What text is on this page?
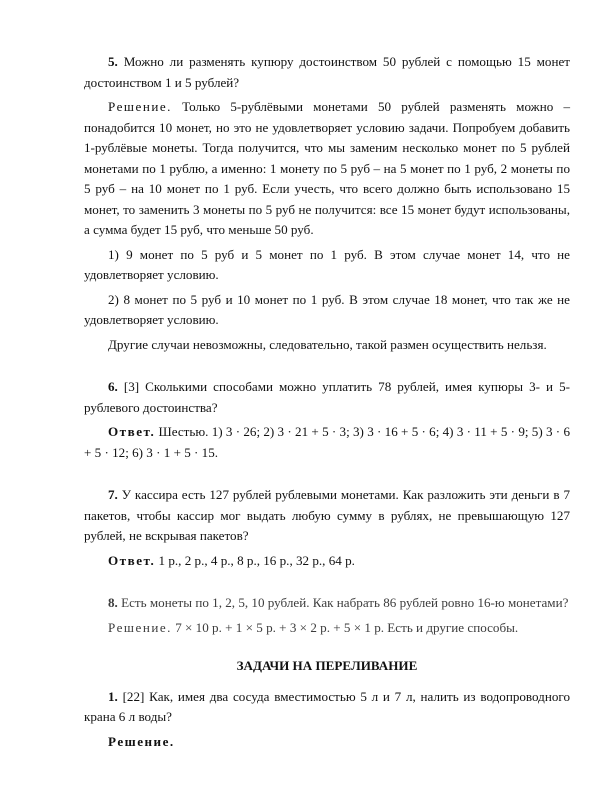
5. Можно ли разменять купюру достоинством 50 рублей с помощью 15 монет достоинством 1 и 5 рублей?

Решение. Только 5-рублёвыми монетами 50 рублей разменять можно – понадобится 10 монет, но это не удовлетворяет условию задачи. Попробуем добавить 1-рублёвые монеты. Тогда получится, что мы заменим несколько монет по 5 рублей монетами по 1 рублю, а именно: 1 монету по 5 руб – на 5 монет по 1 руб, 2 монеты по 5 руб – на 10 монет по 1 руб. Если учесть, что всего должно быть использовано 15 монет, то заменить 3 монеты по 5 руб не получится: все 15 монет будут использованы, а сумма будет 15 руб, что меньше 50 руб.

1) 9 монет по 5 руб и 5 монет по 1 руб. В этом случае монет 14, что не удовлетворяет условию.

2) 8 монет по 5 руб и 10 монет по 1 руб. В этом случае 18 монет, что так же не удовлетворяет условию.

Другие случаи невозможны, следовательно, такой размен осуществить нельзя.

6. [3] Сколькими способами можно уплатить 78 рублей, имея купюры 3- и 5-рублевого достоинства?

Ответ. Шестью. 1) 3 · 26; 2) 3 · 21 + 5 · 3; 3) 3 · 16 + 5 · 6; 4) 3 · 11 + 5 · 9; 5) 3 · 6 + 5 · 12; 6) 3 · 1 + 5 · 15.

7. У кассира есть 127 рублей рублевыми монетами. Как разложить эти деньги в 7 пакетов, чтобы кассир мог выдать любую сумму в рублях, не превышающую 127 рублей, не вскрывая пакетов?

Ответ. 1 р., 2 р., 4 р., 8 р., 16 р., 32 р., 64 р.

8. Есть монеты по 1, 2, 5, 10 рублей. Как набрать 86 рублей ровно 16-ю монетами?

Решение. 7 × 10 р. + 1 × 5 р. + 3 × 2 р. + 5 × 1 р. Есть и другие способы.

ЗАДАЧИ НА ПЕРЕЛИВАНИЕ

1. [22] Как, имея два сосуда вместимостью 5 л и 7 л, налить из водопроводного крана 6 л воды?

Решение.
